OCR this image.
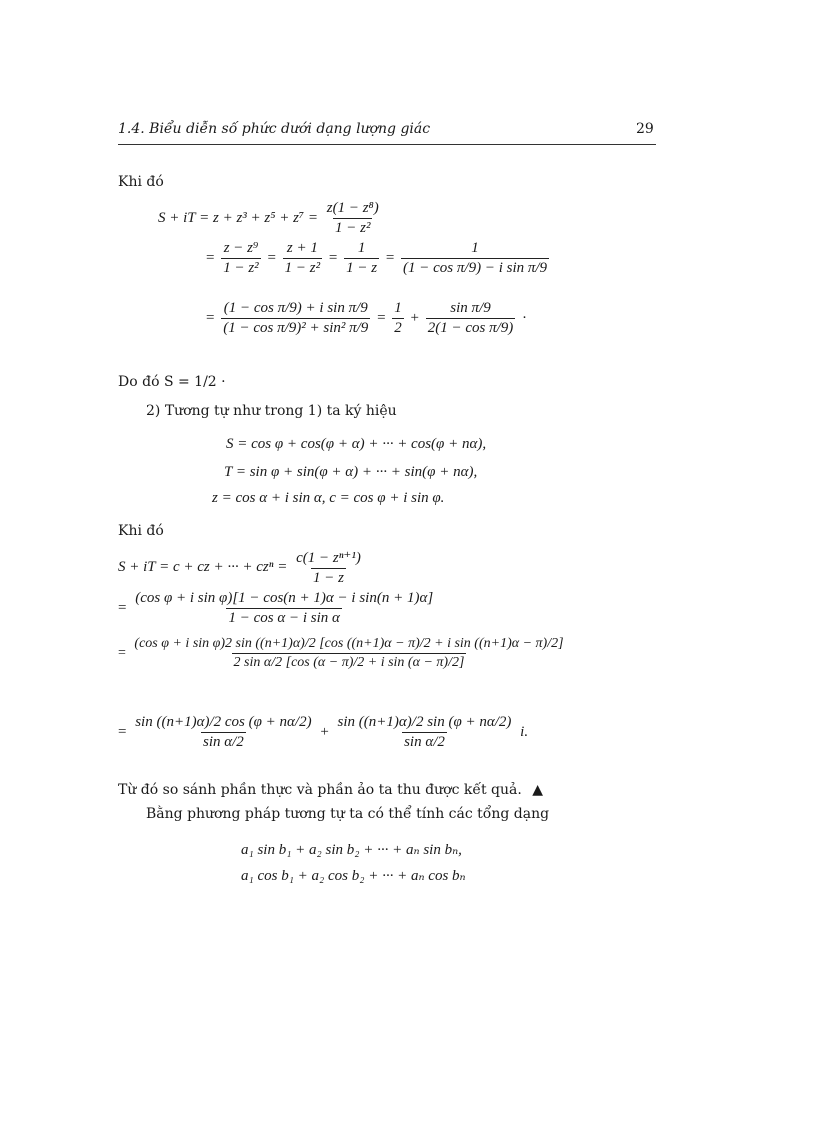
1.4. Biểu diễn số phức dưới dạng lượng giác	29
Khi đó
S + iT = $z + z^3 + z^5 + z^7 = \frac{\text{z(1 − z⁸)}}{\text{1 − z²}}$
= $\frac{\text{z − z⁹}}{\text{1 − z²}} = \frac{z + 1}{\text{1 − z²}} = \frac{1}{1 - z} = \frac{1}{\text{(1 − cos π/9) − i sin π/9}}$
= $\frac{\text{(1 − cos π/9) + i sin π/9}}{\text{(1 − cos π/9)² + sin² π/9}} = \frac{1}{2} + \frac{\text{sin π/9}}{\text{2(1 − cos π/9)}}$ ·
Do đó S = 1/2 ·
2) Tương tự như trong 1) ta ký hiệu
S = cos φ + cos(φ + α) + ··· + cos(φ + nα),
T = sin φ + sin(φ + α) + ··· + sin(φ + nα),
z = cos α + i sin α, c = cos φ + i sin φ.
Khi đó
S + iT = c + cz + ··· + $cz^n = \frac{\text{c(1 − zⁿ⁺¹)}}{1 - z}$
= $\frac{\text{(cos φ + i sin φ)[1 − cos(n + 1)α − i sin(n + 1)α]}}{\text{1 − cos α − i sin α}}$
=
(cos φ + i sin φ)2 sin ((n+1)α)/2 [cos ((n+1)α − π)/2 + i sin ((n+1)α − π)/2]
2 sin α/2 [cos (α − π)/2 + i sin (α − π)/2]
= $\frac{\sin ((n+1)\alpha)/2 \cos (\varphi + n\alpha/2)}{\text{sin α/2}} + \frac{\sin ((n+1)\alpha)/2 \sin (\varphi + n\alpha/2)}{\text{sin α/2}} i$.
Từ đó so sánh phần thực và phần ảo ta thu được kết quả. ▲
Bằng phương pháp tương tự ta có thể tính các tổng dạng
a₁ sin b₁ + a₂ sin b₂ + ··· + aₙ sin bₙ,
a₁ cos b₁ + a₂ cos b₂ + ··· + aₙ cos bₙ
